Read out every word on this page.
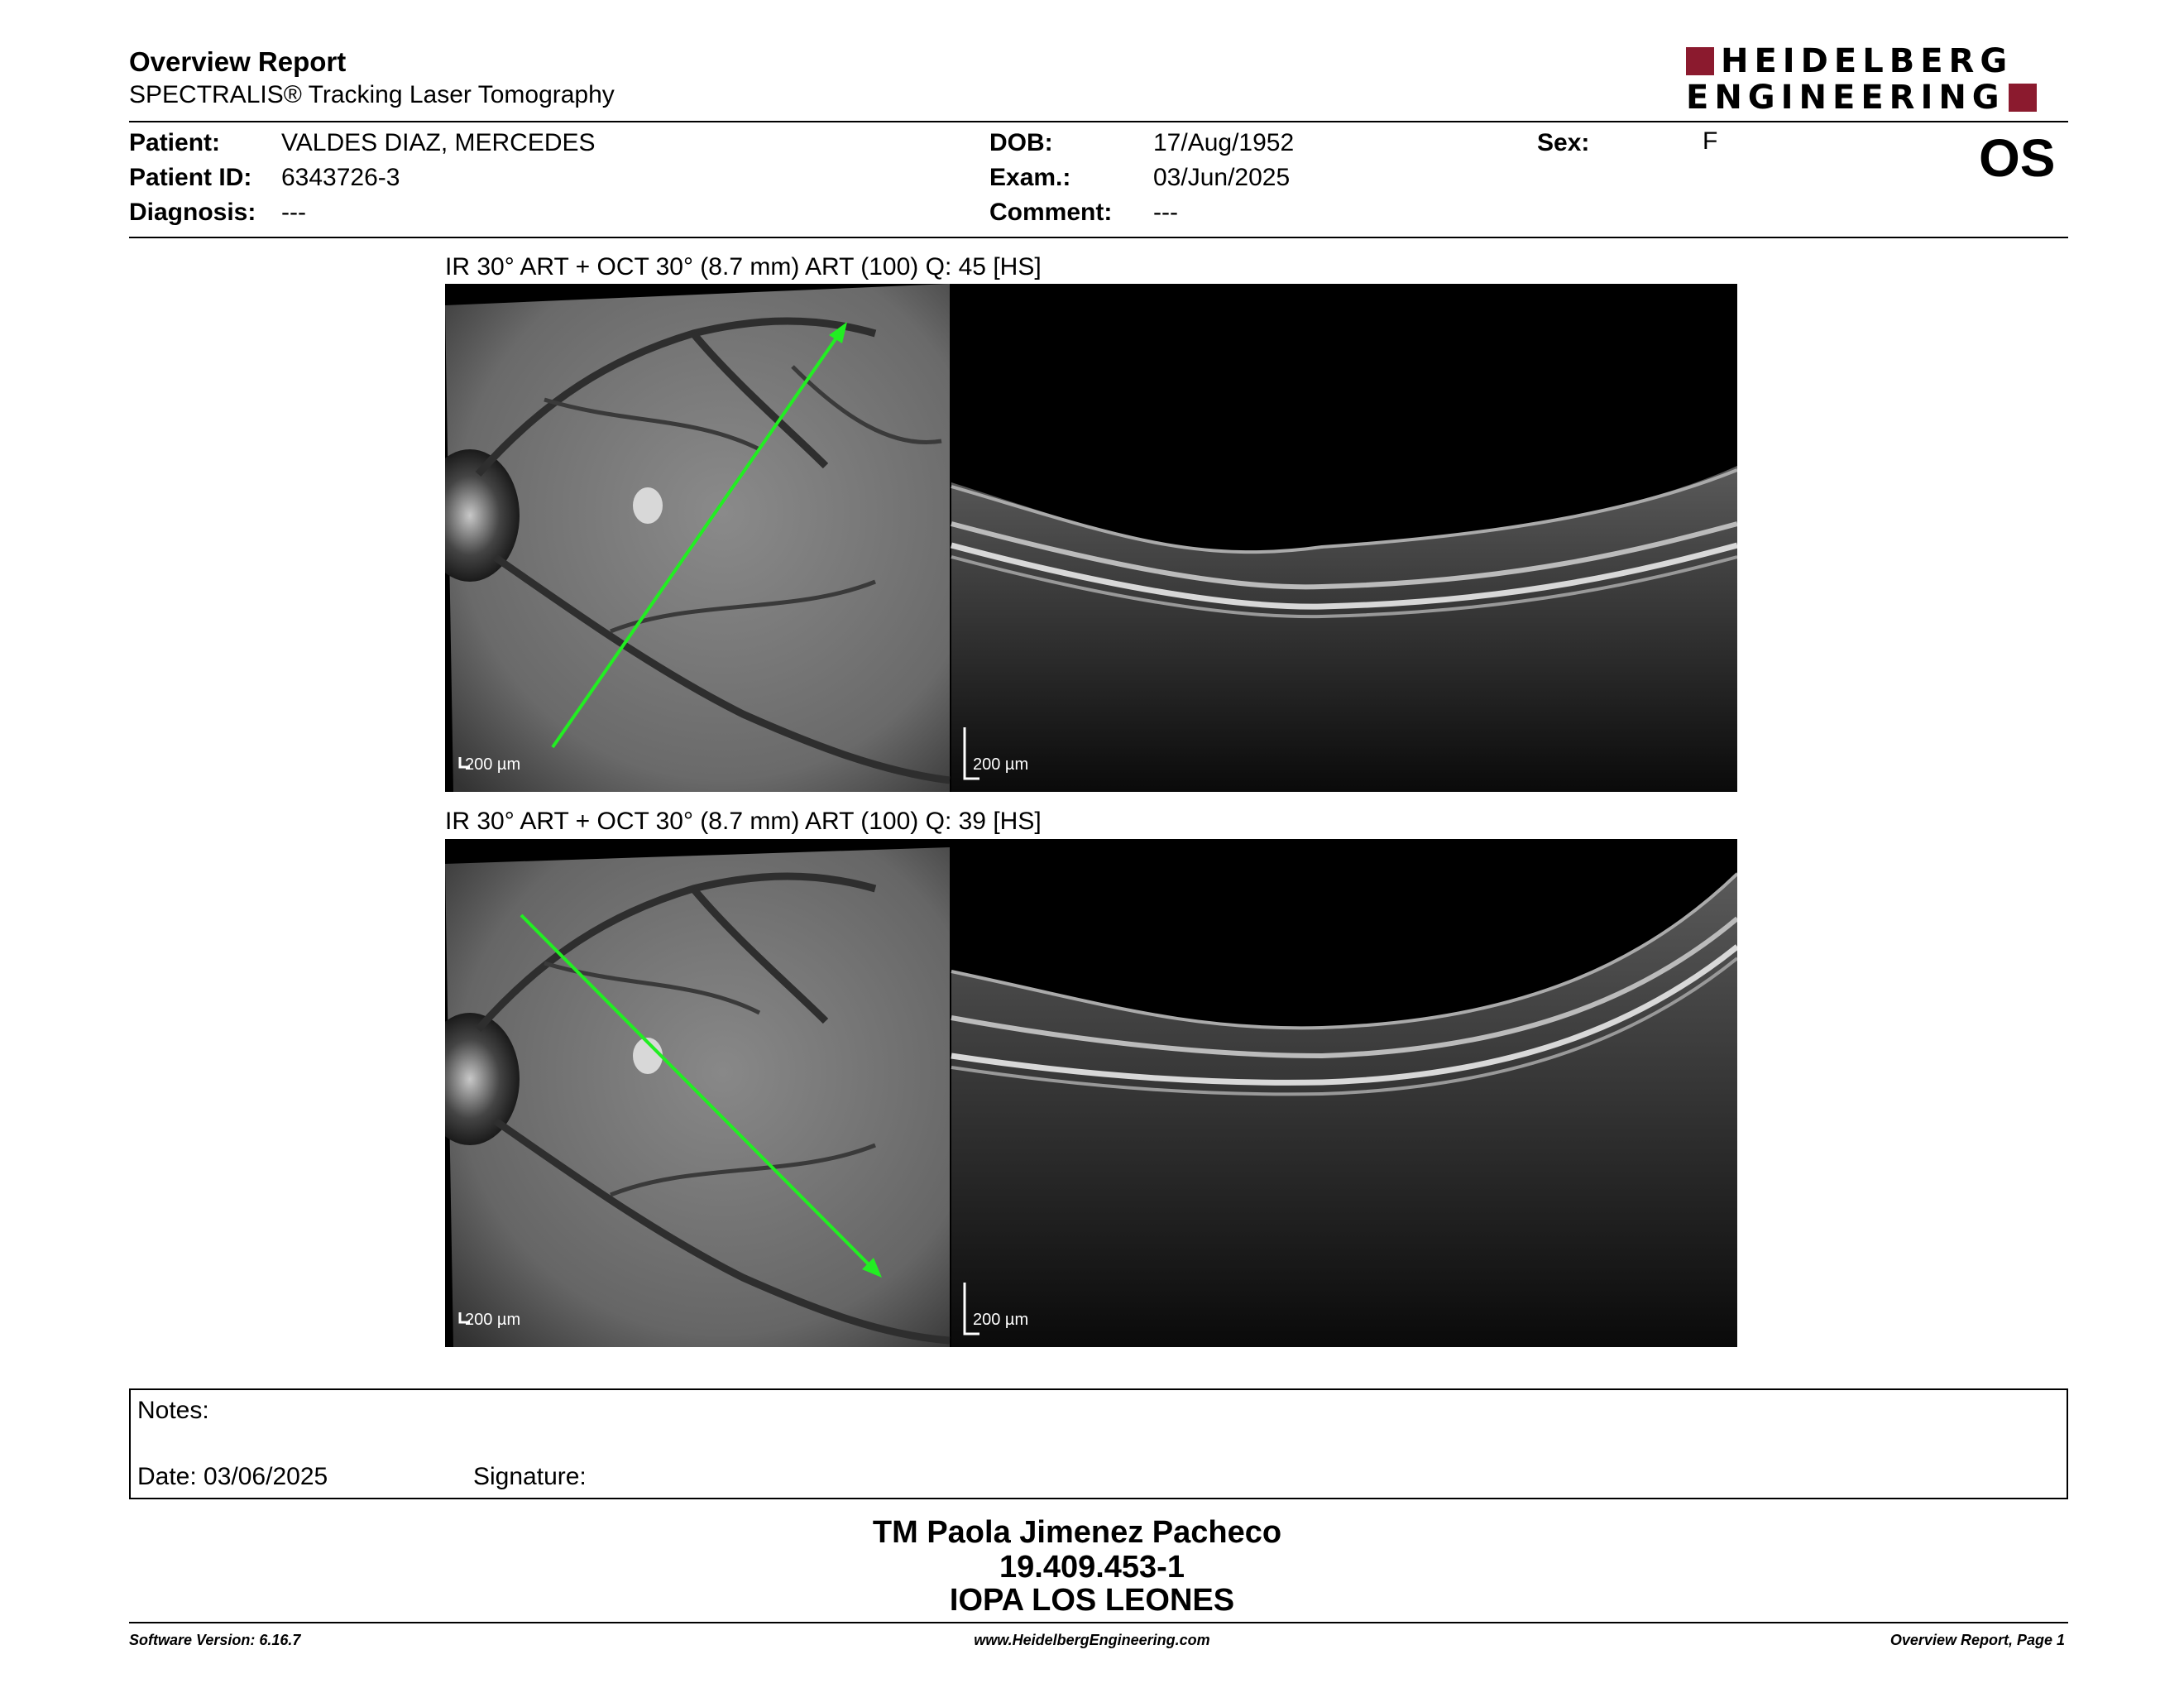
Overview Report
SPECTRALIS® Tracking Laser Tomography
HEIDELBERG
ENGINEERING
Patient: VALDES DIAZ, MERCEDES
Patient ID: 6343726-3
Diagnosis: ---
DOB:	17/Aug/1952
Exam.:	03/Jun/2025
Comment: ---
Sex:	F	OS
IR 30° ART + OCT 30° (8.7 mm) ART (100) Q: 45 [HS]
200 µm	200 µm
IR 30° ART + OCT 30° (8.7 mm) ART (100) Q: 39 [HS]
200 µm	200 µm
Notes:
Date: 03/06/2025	Signature:
TM Paola Jimenez Pacheco
19.409.453-1
IOPA LOS LEONES
Software Version: 6.16.7	www.HeidelbergEngineering.com	Overview Report, Page 1
